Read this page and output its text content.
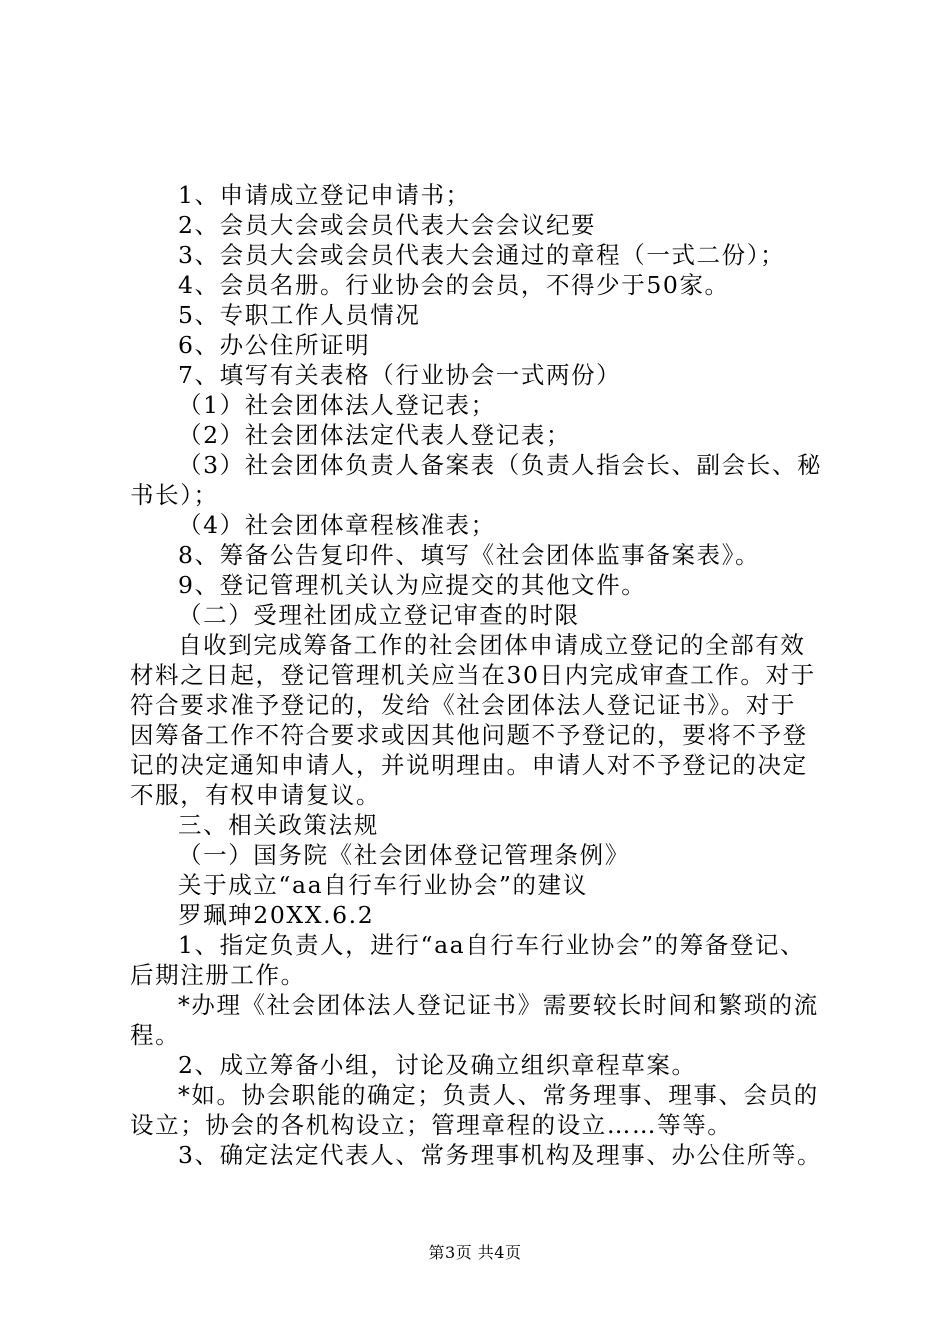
1、申请成立登记申请书；
2、会员大会或会员代表大会会议纪要
3、会员大会或会员代表大会通过的章程（一式二份）；
4、会员名册。行业协会的会员，不得少于50家。
5、专职工作人员情况
6、办公住所证明
7、填写有关表格（行业协会一式两份）
（1）社会团体法人登记表；
（2）社会团体法定代表人登记表；
（3）社会团体负责人备案表（负责人指会长、副会长、秘
书长）；
（4）社会团体章程核准表；
8、筹备公告复印件、填写《社会团体监事备案表》。
9、登记管理机关认为应提交的其他文件。
（二）受理社团成立登记审查的时限
自收到完成筹备工作的社会团体申请成立登记的全部有效
材料之日起，登记管理机关应当在30日内完成审查工作。对于
符合要求准予登记的，发给《社会团体法人登记证书》。对于
因筹备工作不符合要求或因其他问题不予登记的，要将不予登
记的决定通知申请人，并说明理由。申请人对不予登记的决定
不服，有权申请复议。
三、相关政策法规
（一）国务院《社会团体登记管理条例》
关于成立“aa自行车行业协会”的建议
罗珮珅20XX.6.2
1、指定负责人，进行“aa自行车行业协会”的筹备登记、
后期注册工作。
*办理《社会团体法人登记证书》需要较长时间和繁琐的流
程。
2、成立筹备小组，讨论及确立组织章程草案。
*如。协会职能的确定；负责人、常务理事、理事、会员的
设立；协会的各机构设立；管理章程的设立……等等。
3、确定法定代表人、常务理事机构及理事、办公住所等。
第3页 共4页
